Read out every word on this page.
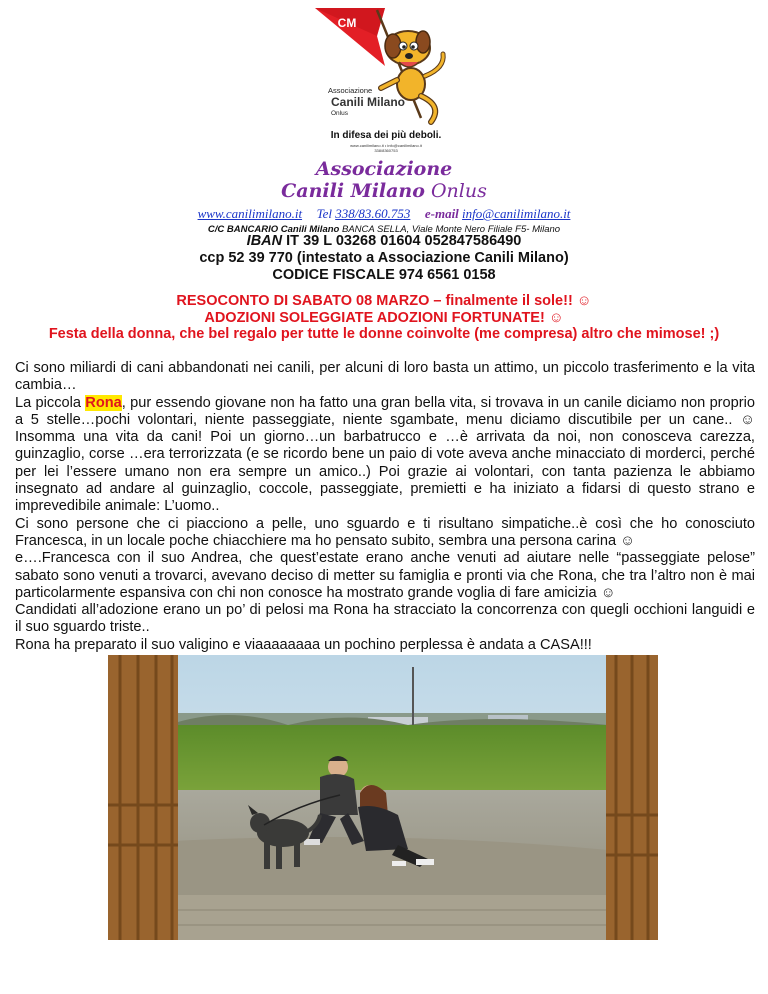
CM
Associazione
Canili Milano
Onlus
In difesa dei più deboli.
www.canilimilano.it • info@canilimilano.it
338/8360753
Associazione
Canili Milano Onlus
www.canilimilano.it Tel 338/83.60.753 e-mail info@canilimilano.it
C/C BANCARIO Canili Milano BANCA SELLA, Viale Monte Nero Filiale F5- Milano
IBAN IT 39 L 03268 01604 052847586490
ccp 52 39 770 (intestato a Associazione Canili Milano)
CODICE FISCALE 974 6561 0158
RESOCONTO DI SABATO 08 MARZO – finalmente il sole!! ☺
ADOZIONI SOLEGGIATE ADOZIONI FORTUNATE! ☺
Festa della donna, che bel regalo per tutte le donne coinvolte (me compresa) altro che mimose! ;)

Ci sono miliardi di cani abbandonati nei canili, per alcuni di loro basta un attimo, un piccolo trasferimento e la vita cambia…

La piccola Rona, pur essendo giovane non ha fatto una gran bella vita, si trovava in un canile diciamo non proprio a 5 stelle…pochi volontari, niente passeggiate, niente sgambate, menu diciamo discutibile per un cane.. ☺ Insomma una vita da cani! Poi un giorno…un barbatrucco e …è arrivata da noi, non conosceva carezza, guinzaglio, corse …era terrorizzata (e se ricordo bene un paio di vote aveva anche minacciato di morderci, perché per lei l’essere umano non era sempre un amico..) Poi grazie ai volontari, con tanta pazienza le abbiamo insegnato ad andare al guinzaglio, coccole, passeggiate, premietti e ha iniziato a fidarsi di questo strano e imprevedibile animale: L’uomo..

Ci sono persone che ci piacciono a pelle, uno sguardo e ti risultano simpatiche..è così che ho conosciuto Francesca, in un locale poche chiacchiere ma ho pensato subito, sembra una persona carina ☺

e….Francesca con il suo Andrea, che quest’estate erano anche venuti ad aiutare nelle “passeggiate pelose” sabato sono venuti a trovarci, avevano deciso di metter su famiglia e pronti via che Rona, che tra l’altro non è mai particolarmente espansiva con chi non conosce ha mostrato grande voglia di fare amicizia ☺

Candidati all’adozione erano un po’ di pelosi ma Rona ha stracciato la concorrenza con quegli occhioni languidi e il suo sguardo triste..

Rona ha preparato il suo valigino e viaaaaaaaa un pochino perplessa è andata a CASA!!!
